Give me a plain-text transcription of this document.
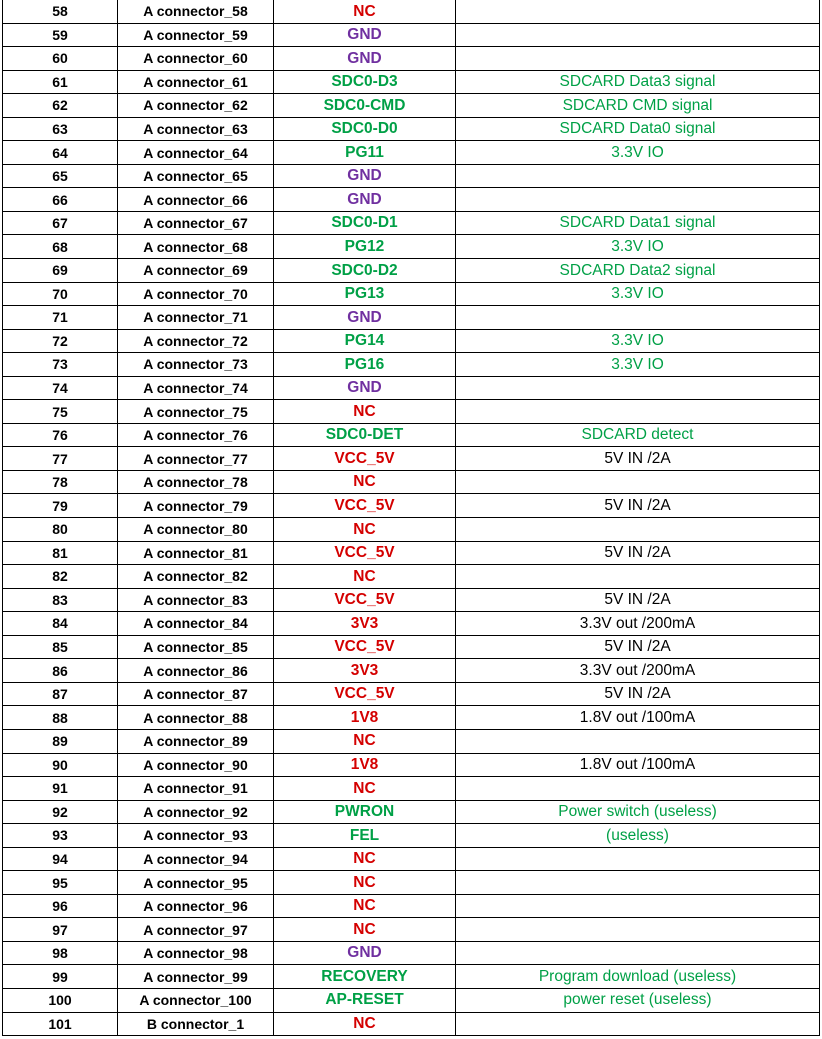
58	A connector_58	NC	
59	A connector_59	GND	
60	A connector_60	GND	
61	A connector_61	SDC0-D3	SDCARD Data3 signal
62	A connector_62	SDC0-CMD	SDCARD CMD signal
63	A connector_63	SDC0-D0	SDCARD Data0 signal
64	A connector_64	PG11	3.3V IO
65	A connector_65	GND	
66	A connector_66	GND	
67	A connector_67	SDC0-D1	SDCARD Data1 signal
68	A connector_68	PG12	3.3V IO
69	A connector_69	SDC0-D2	SDCARD Data2 signal
70	A connector_70	PG13	3.3V IO
71	A connector_71	GND	
72	A connector_72	PG14	3.3V IO
73	A connector_73	PG16	3.3V IO
74	A connector_74	GND	
75	A connector_75	NC	
76	A connector_76	SDC0-DET	SDCARD detect
77	A connector_77	VCC_5V	5V IN /2A
78	A connector_78	NC	
79	A connector_79	VCC_5V	5V IN /2A
80	A connector_80	NC	
81	A connector_81	VCC_5V	5V IN /2A
82	A connector_82	NC	
83	A connector_83	VCC_5V	5V IN /2A
84	A connector_84	3V3	3.3V out /200mA
85	A connector_85	VCC_5V	5V IN /2A
86	A connector_86	3V3	3.3V out /200mA
87	A connector_87	VCC_5V	5V IN /2A
88	A connector_88	1V8	1.8V out /100mA
89	A connector_89	NC	
90	A connector_90	1V8	1.8V out /100mA
91	A connector_91	NC	
92	A connector_92	PWRON	Power switch (useless)
93	A connector_93	FEL	(useless)
94	A connector_94	NC	
95	A connector_95	NC	
96	A connector_96	NC	
97	A connector_97	NC	
98	A connector_98	GND	
99	A connector_99	RECOVERY	Program download (useless)
100	A connector_100	AP-RESET	power reset (useless)
101	B connector_1	NC	
